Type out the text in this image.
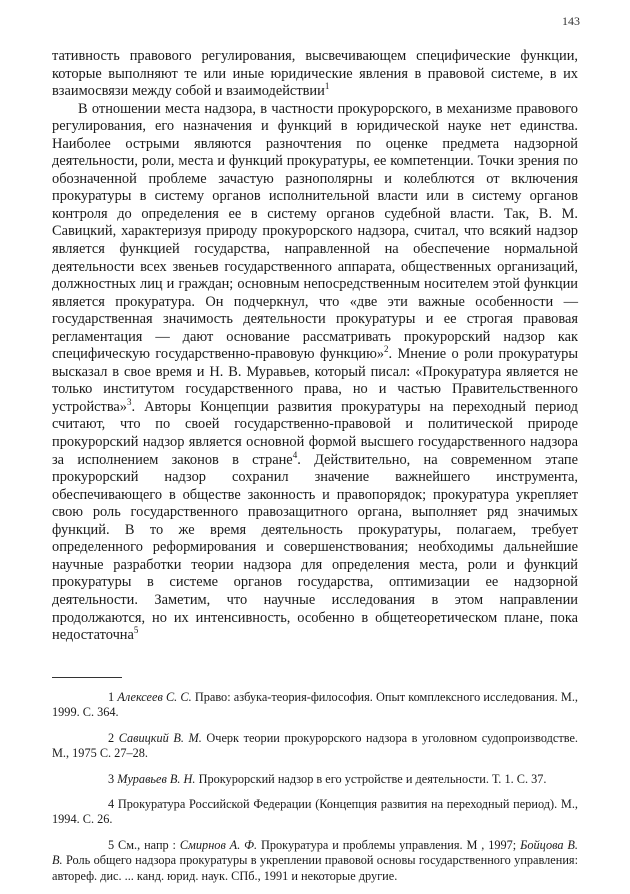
143

тативность правового регулирования, высвечивающем специфические функции, которые выполняют те или иные юридические явления в правовой системе, в их взаимосвязи между собой и взаимодействии$^1$

В отношении места надзора, в частности прокурорского, в механизме правового регулирования, его назначения и функций в юридической науке нет единства. Наиболее острыми являются разночтения по оценке предмета надзорной деятельности, роли, места и функций прокуратуры, ее компетенции. Точки зрения по обозначенной проблеме зачастую разнополярны и колеблются от включения прокуратуры в систему органов исполнительной власти или в систему органов контроля до определения ее в систему органов судебной власти. Так, В. М. Савицкий, характеризуя природу прокурорского надзора, считал, что всякий надзор является функцией государства, направленной на обеспечение нормальной деятельности всех звеньев государственного аппарата, общественных организаций, должностных лиц и граждан; основным непосредственным носителем этой функции является прокуратура. Он подчеркнул, что «две эти важные особенности — государственная значимость деятельности прокуратуры и ее строгая правовая регламентация — дают основание рассматривать прокурорский надзор как специфическую государственно-правовую функцию»$^2$. Мнение о роли прокуратуры высказал в свое время и Н. В. Муравьев, который писал: «Прокуратура является не только институтом государственного права, но и частью Правительственного устройства»$^3$. Авторы Концепции развития прокуратуры на переходный период считают, что по своей государственно-правовой и политической природе прокурорский надзор является основной формой высшего государственного надзора за исполнением законов в стране$^4$. Действительно, на современном этапе прокурорский надзор сохранил значение важнейшего инструмента, обеспечивающего в обществе законность и правопорядок; прокуратура укрепляет свою роль государственного правозащитного органа, выполняет ряд значимых функций. В то же время деятельность прокуратуры, полагаем, требует определенного реформирования и совершенствования; необходимы дальнейшие научные разработки теории надзора для определения места, роли и функций прокуратуры в системе органов государства, оптимизации ее надзорной деятельности. Заметим, что научные исследования в этом направлении продолжаются, но их интенсивность, особенно в общетеоретическом плане, пока недостаточна$^5$

1 Алексеев С. С. Право: азбука-теория-философия. Опыт комплексного исследования. М., 1999. С. 364.

2 Савицкий В. М. Очерк теории прокурорского надзора в уголовном судопроизводстве. М., 1975 С. 27–28.

3 Муравьев В. Н. Прокурорский надзор в его устройстве и деятельности. Т. 1. С. 37.

4 Прокуратура Российской Федерации (Концепция развития на переходный период). М., 1994. С. 26.

5 См., напр : Смирнов А. Ф. Прокуратура и проблемы управления. М , 1997; Бойцова В. В. Роль общего надзора прокуратуры в укреплении правовой основы государственного управления: автореф. дис. ... канд. юрид. наук. СПб., 1991 и некоторые другие.
